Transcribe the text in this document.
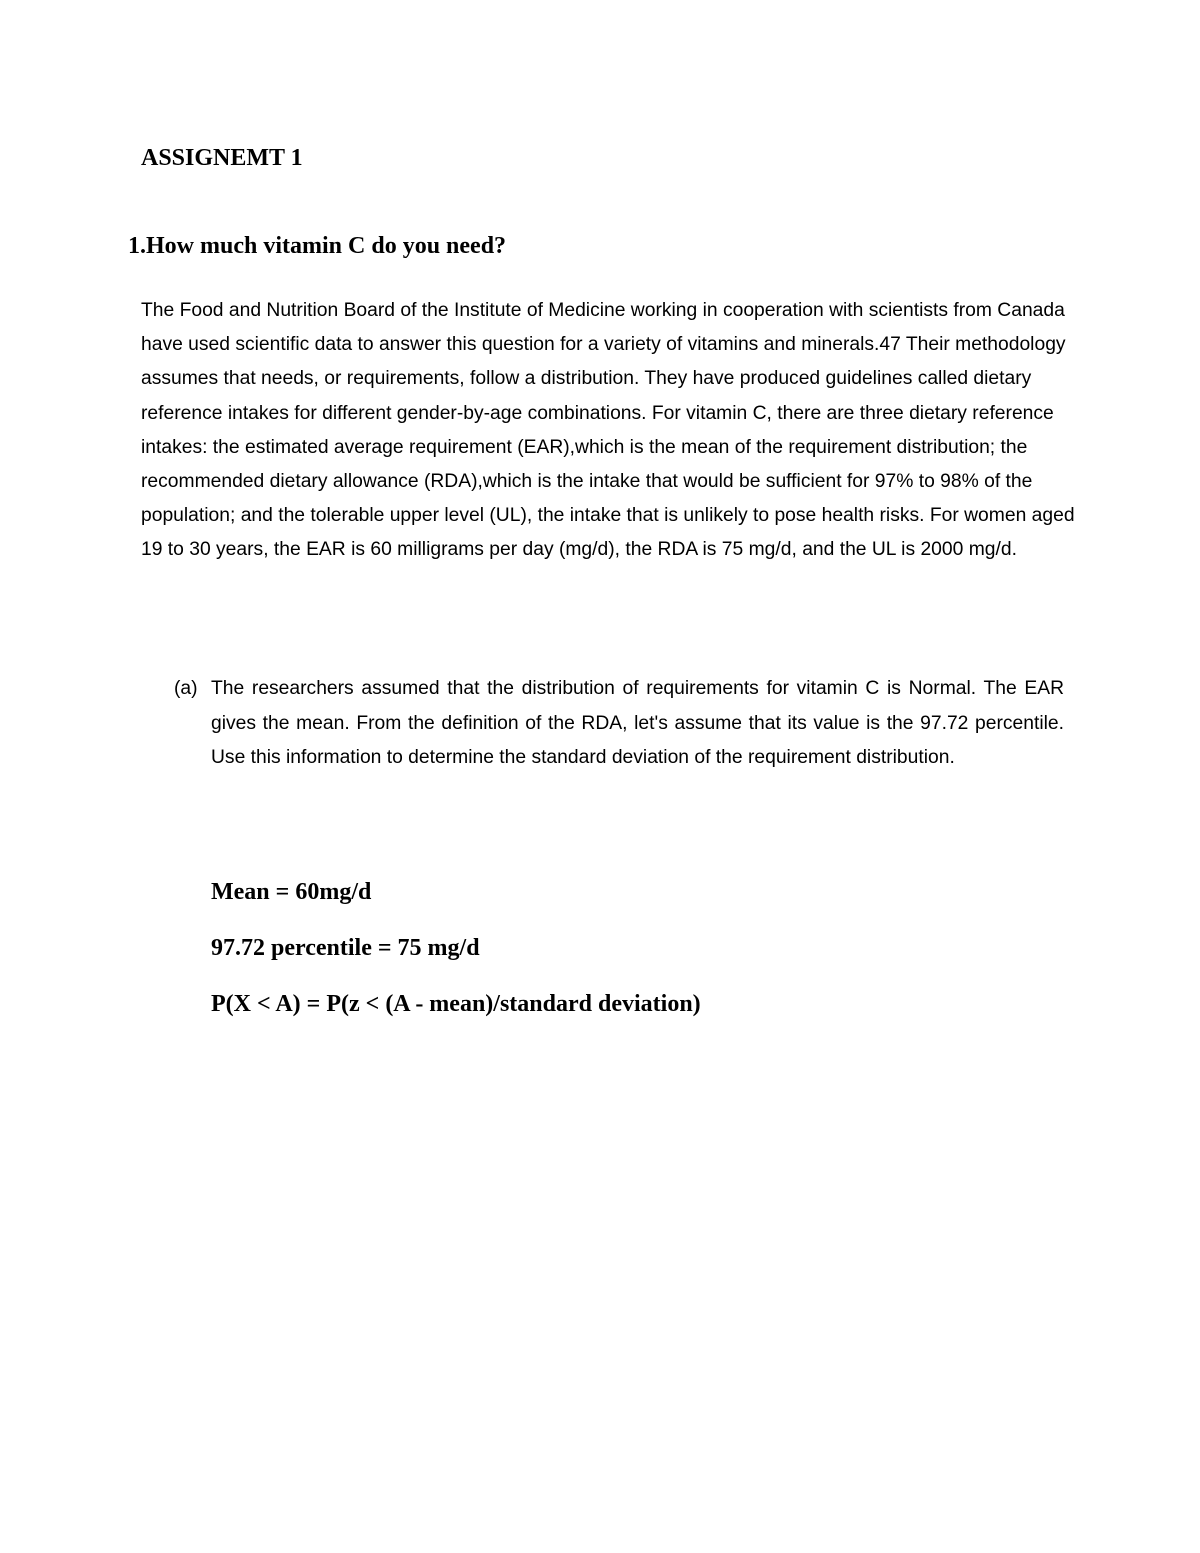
ASSIGNEMT 1
1.How much vitamin C do you need?

The Food and Nutrition Board of the Institute of Medicine working in cooperation with scientists from Canada have used scientific data to answer this question for a variety of vitamins and minerals.47 Their methodology assumes that needs, or requirements, follow a distribution. They have produced guidelines called dietary reference intakes for different gender-by-age combinations. For vitamin C, there are three dietary reference intakes: the estimated average requirement (EAR),which is the mean of the requirement distribution; the recommended dietary allowance (RDA),which is the intake that would be sufficient for 97% to 98% of the population; and the tolerable upper level (UL), the intake that is unlikely to pose health risks. For women aged 19 to 30 years, the EAR is 60 milligrams per day (mg/d), the RDA is 75 mg/d, and the UL is 2000 mg/d.

(a) The researchers assumed that the distribution of requirements for vitamin C is Normal. The EAR gives the mean. From the definition of the RDA, let's assume that its value is the 97.72 percentile. Use this information to determine the standard deviation of the requirement distribution.
Mean = 60mg/d
97.72 percentile = 75 mg/d
P(X < A) = P(z < (A - mean)/standard deviation)
